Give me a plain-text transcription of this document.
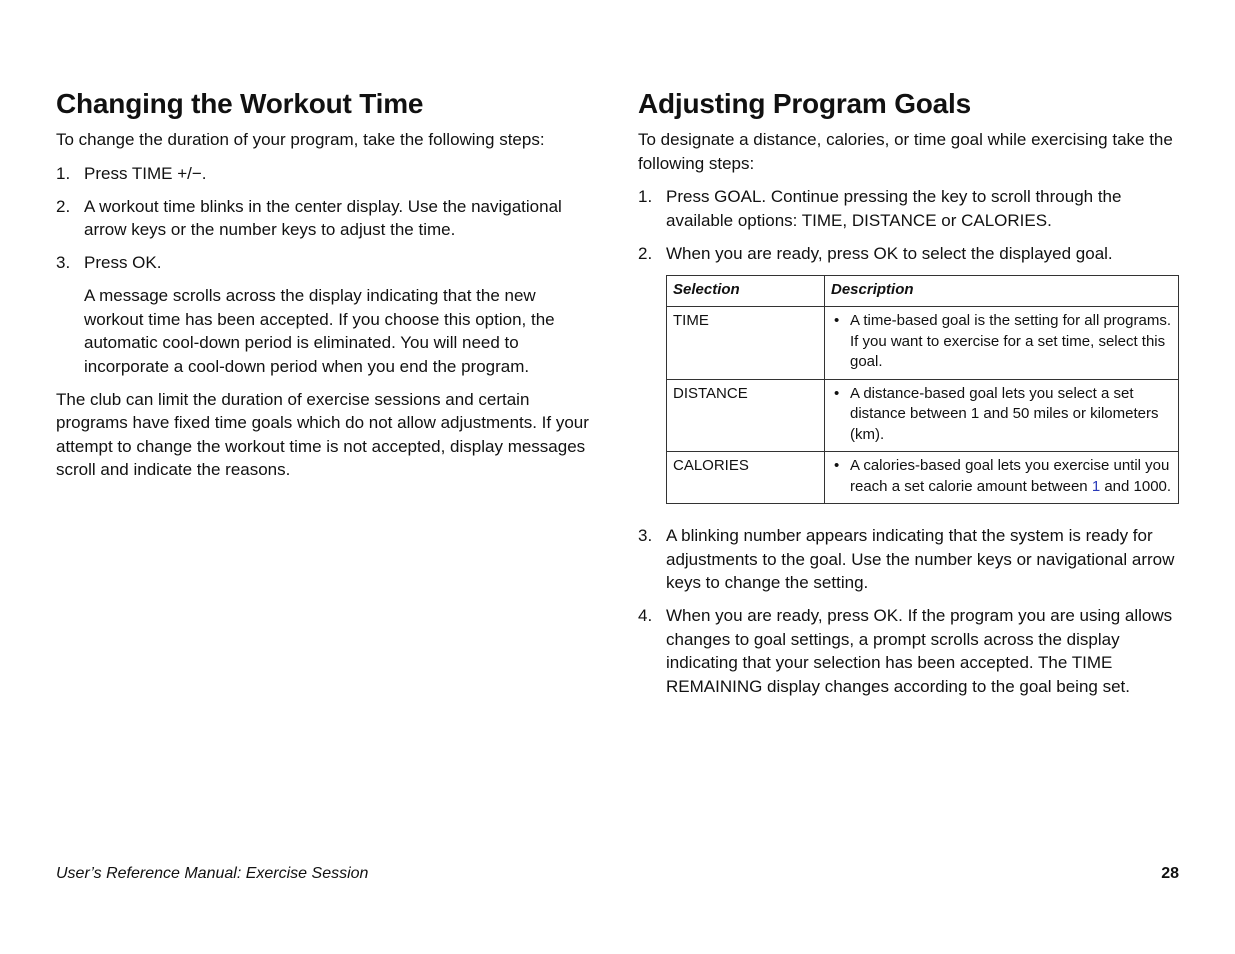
Changing the Workout Time

To change the duration of your program, take the following steps:

1. Press TIME +/−.
2. A workout time blinks in the center display. Use the navigational arrow keys or the number keys to adjust the time.
3. Press OK.

A message scrolls across the display indicating that the new workout time has been accepted. If you choose this option, the automatic cool-down period is eliminated. You will need to incorporate a cool-down period when you end the program.

The club can limit the duration of exercise sessions and certain programs have fixed time goals which do not allow adjustments. If your attempt to change the workout time is not accepted, display messages scroll and indicate the reasons.

Adjusting Program Goals

To designate a distance, calories, or time goal while exercising take the following steps:

1. Press GOAL. Continue pressing the key to scroll through the available options: TIME, DISTANCE or CALORIES.
2. When you are ready, press OK to select the displayed goal.
Selection	Description
TIME	• A time-based goal is the setting for all programs. If you want to exercise for a set time, select this goal.

DISTANCE	• A distance-based goal lets you select a set distance between 1 and 50 miles or kilometers (km).

CALORIES	• A calories-based goal lets you exercise until you reach a set calorie amount between 1 and 1000.
3. A blinking number appears indicating that the system is ready for adjustments to the goal. Use the number keys or navigational arrow keys to change the setting.
4. When you are ready, press OK. If the program you are using allows changes to goal settings, a prompt scrolls across the display indicating that your selection has been accepted. The TIME REMAINING display changes according to the goal being set.
User’s Reference Manual: Exercise Session	28
